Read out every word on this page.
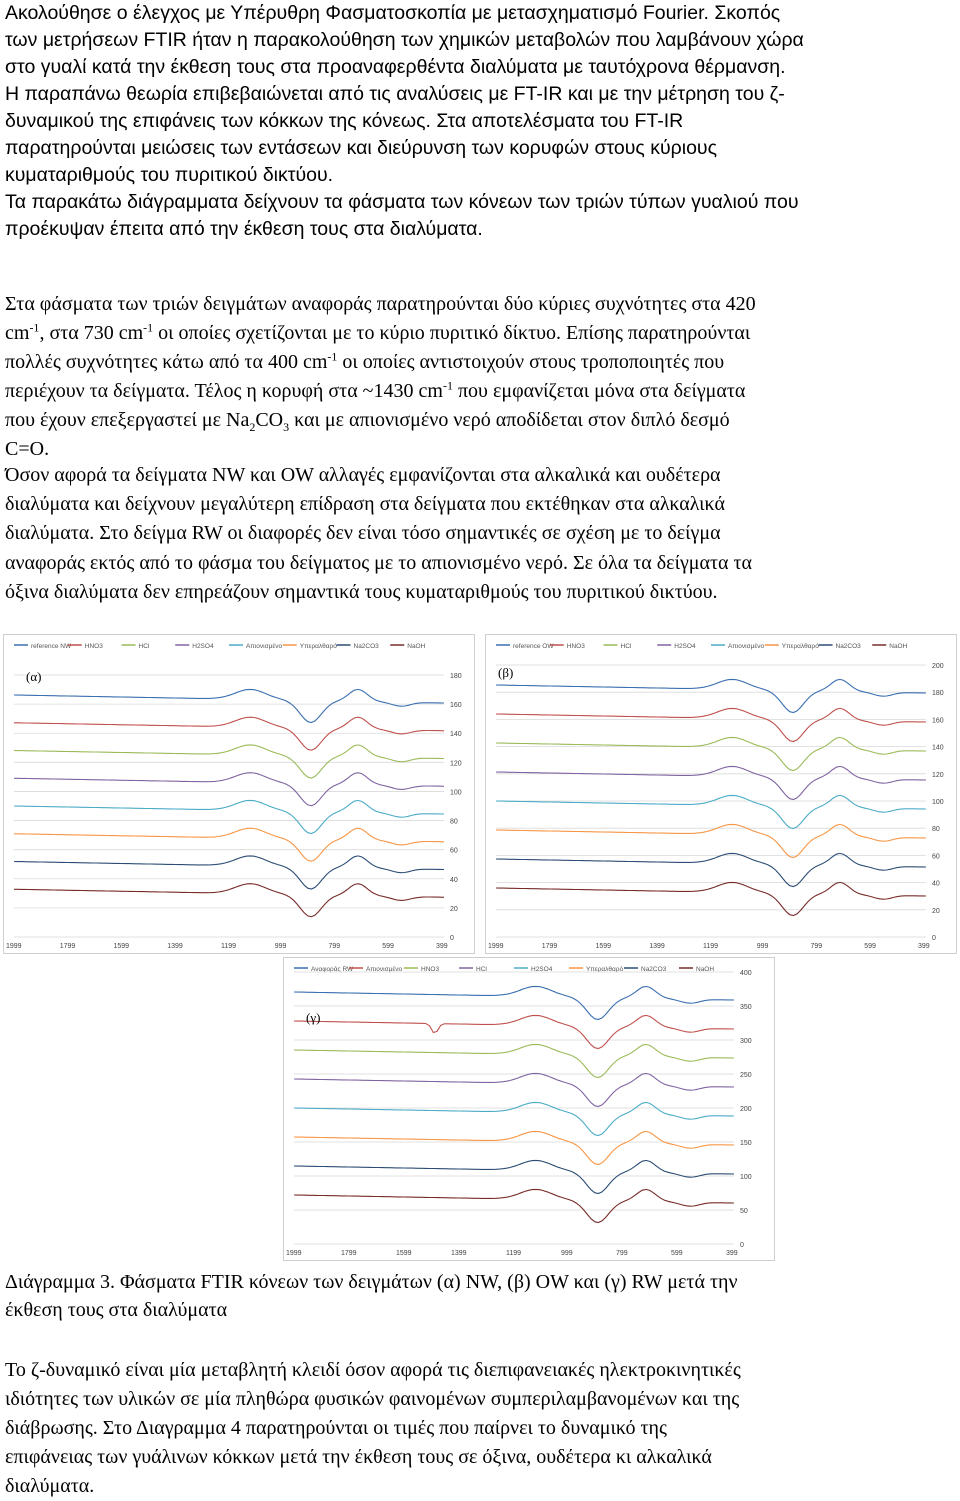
Ακολούθησε ο έλεγχος με Υπέρυθρη Φασματοσκοπία με μετασχηματισμό Fourier. Σκοπός
των μετρήσεων FTIR ήταν η παρακολούθηση των χημικών μεταβολών που λαμβάνουν χώρα
στο γυαλί κατά την έκθεση τους στα προαναφερθέντα διαλύματα με ταυτόχρονα θέρμανση.
Η παραπάνω θεωρία επιβεβαιώνεται από τις αναλύσεις με FT-IR και με την μέτρηση του ζ-
δυναμικού της επιφάνεις των κόκκων της κόνεως. Στα αποτελέσματα του FT-IR
παρατηρούνται μειώσεις των εντάσεων και διεύρυνση των κορυφών στους κύριους
κυματαριθμούς του πυριτικού δικτύου.
Τα παρακάτω διάγραμματα δείχνουν τα φάσματα των κόνεων των τριών τύπων γυαλιού που
προέκυψαν έπειτα από την έκθεση τους στα διαλύματα.
Στα φάσματα των τριών δειγμάτων αναφοράς παρατηρούνται δύο κύριες συχνότητες στα 420
$cm^{-1}$, στα 730 $cm^{-1}$ οι οποίες σχετίζονται με το κύριο πυριτικό δίκτυο. Επίσης παρατηρούνται
πολλές συχνότητες κάτω από τα 400 $cm^{-1}$ οι οποίες αντιστοιχούν στους τροποποιητές που
περιέχουν τα δείγματα. Τέλος η κορυφή στα ~1430 $cm^{-1}$ που εμφανίζεται μόνα στα δείγματα
που έχουν επεξεργαστεί με $Na_2CO_3$ και με απιονισμένο νερό αποδίδεται στον διπλό δεσμό
C=O.
Όσον αφορά τα δείγματα NW και OW αλλαγές εμφανίζονται στα αλκαλικά και ουδέτερα
διαλύματα και δείχνουν μεγαλύτερη επίδραση στα δείγματα που εκτέθηκαν στα αλκαλικά
διαλύματα. Στο δείγμα RW οι διαφορές δεν είναι τόσο σημαντικές σε σχέση με το δείγμα
αναφοράς εκτός από το φάσμα του δείγματος με το απιονισμένο νερό. Σε όλα τα δείγματα τα
όξινα διαλύματα δεν επηρεάζουν σημαντικά τους κυματαριθμούς του πυριτικού δικτύου.
reference NW HNO3	HCl	H2SO4	Απιονισμένο	Υπεραλθαρό	Na2CO3	NaOH
180
160
140
120
100
80
60
40
20
0
1999	1799	1599	1399	1199	999	799	599	399
(α)
reference OW HNO3	HCl	H2SO4	Απιονισμένο	Υπεραλθαρό	Na2CO3	NaOH
200
180
160
140
120
100
80
60
40
20
0
1999	1799	1599	1399	1199	999	799	599	399
(β)
Αναφοράς RW Απιονισμένο	HNO3	HCl	H2SO4	Υπεραλθαρό	Na2CO3	NaOH
400
350
300
250
200
150
100
50
0
1999	1799	1599	1399	1199	999	799	599	399
(γ)
Διάγραμμα 3. Φάσματα FTIR κόνεων των δειγμάτων (α) NW, (β) OW και (γ) RW μετά την
έκθεση τους στα διαλύματα
Το ζ-δυναμικό είναι μία μεταβλητή κλειδί όσον αφορά τις διεπιφανειακές ηλεκτροκινητικές
ιδιότητες των υλικών σε μία πληθώρα φυσικών φαινομένων συμπεριλαμβανομένων και της
διάβρωσης. Στο Διαγραμμα 4 παρατηρούνται οι τιμές που παίρνει το δυναμικό της
επιφάνειας των γυάλινων κόκκων μετά την έκθεση τους σε όξινα, ουδέτερα κι αλκαλικά
διαλύματα.
